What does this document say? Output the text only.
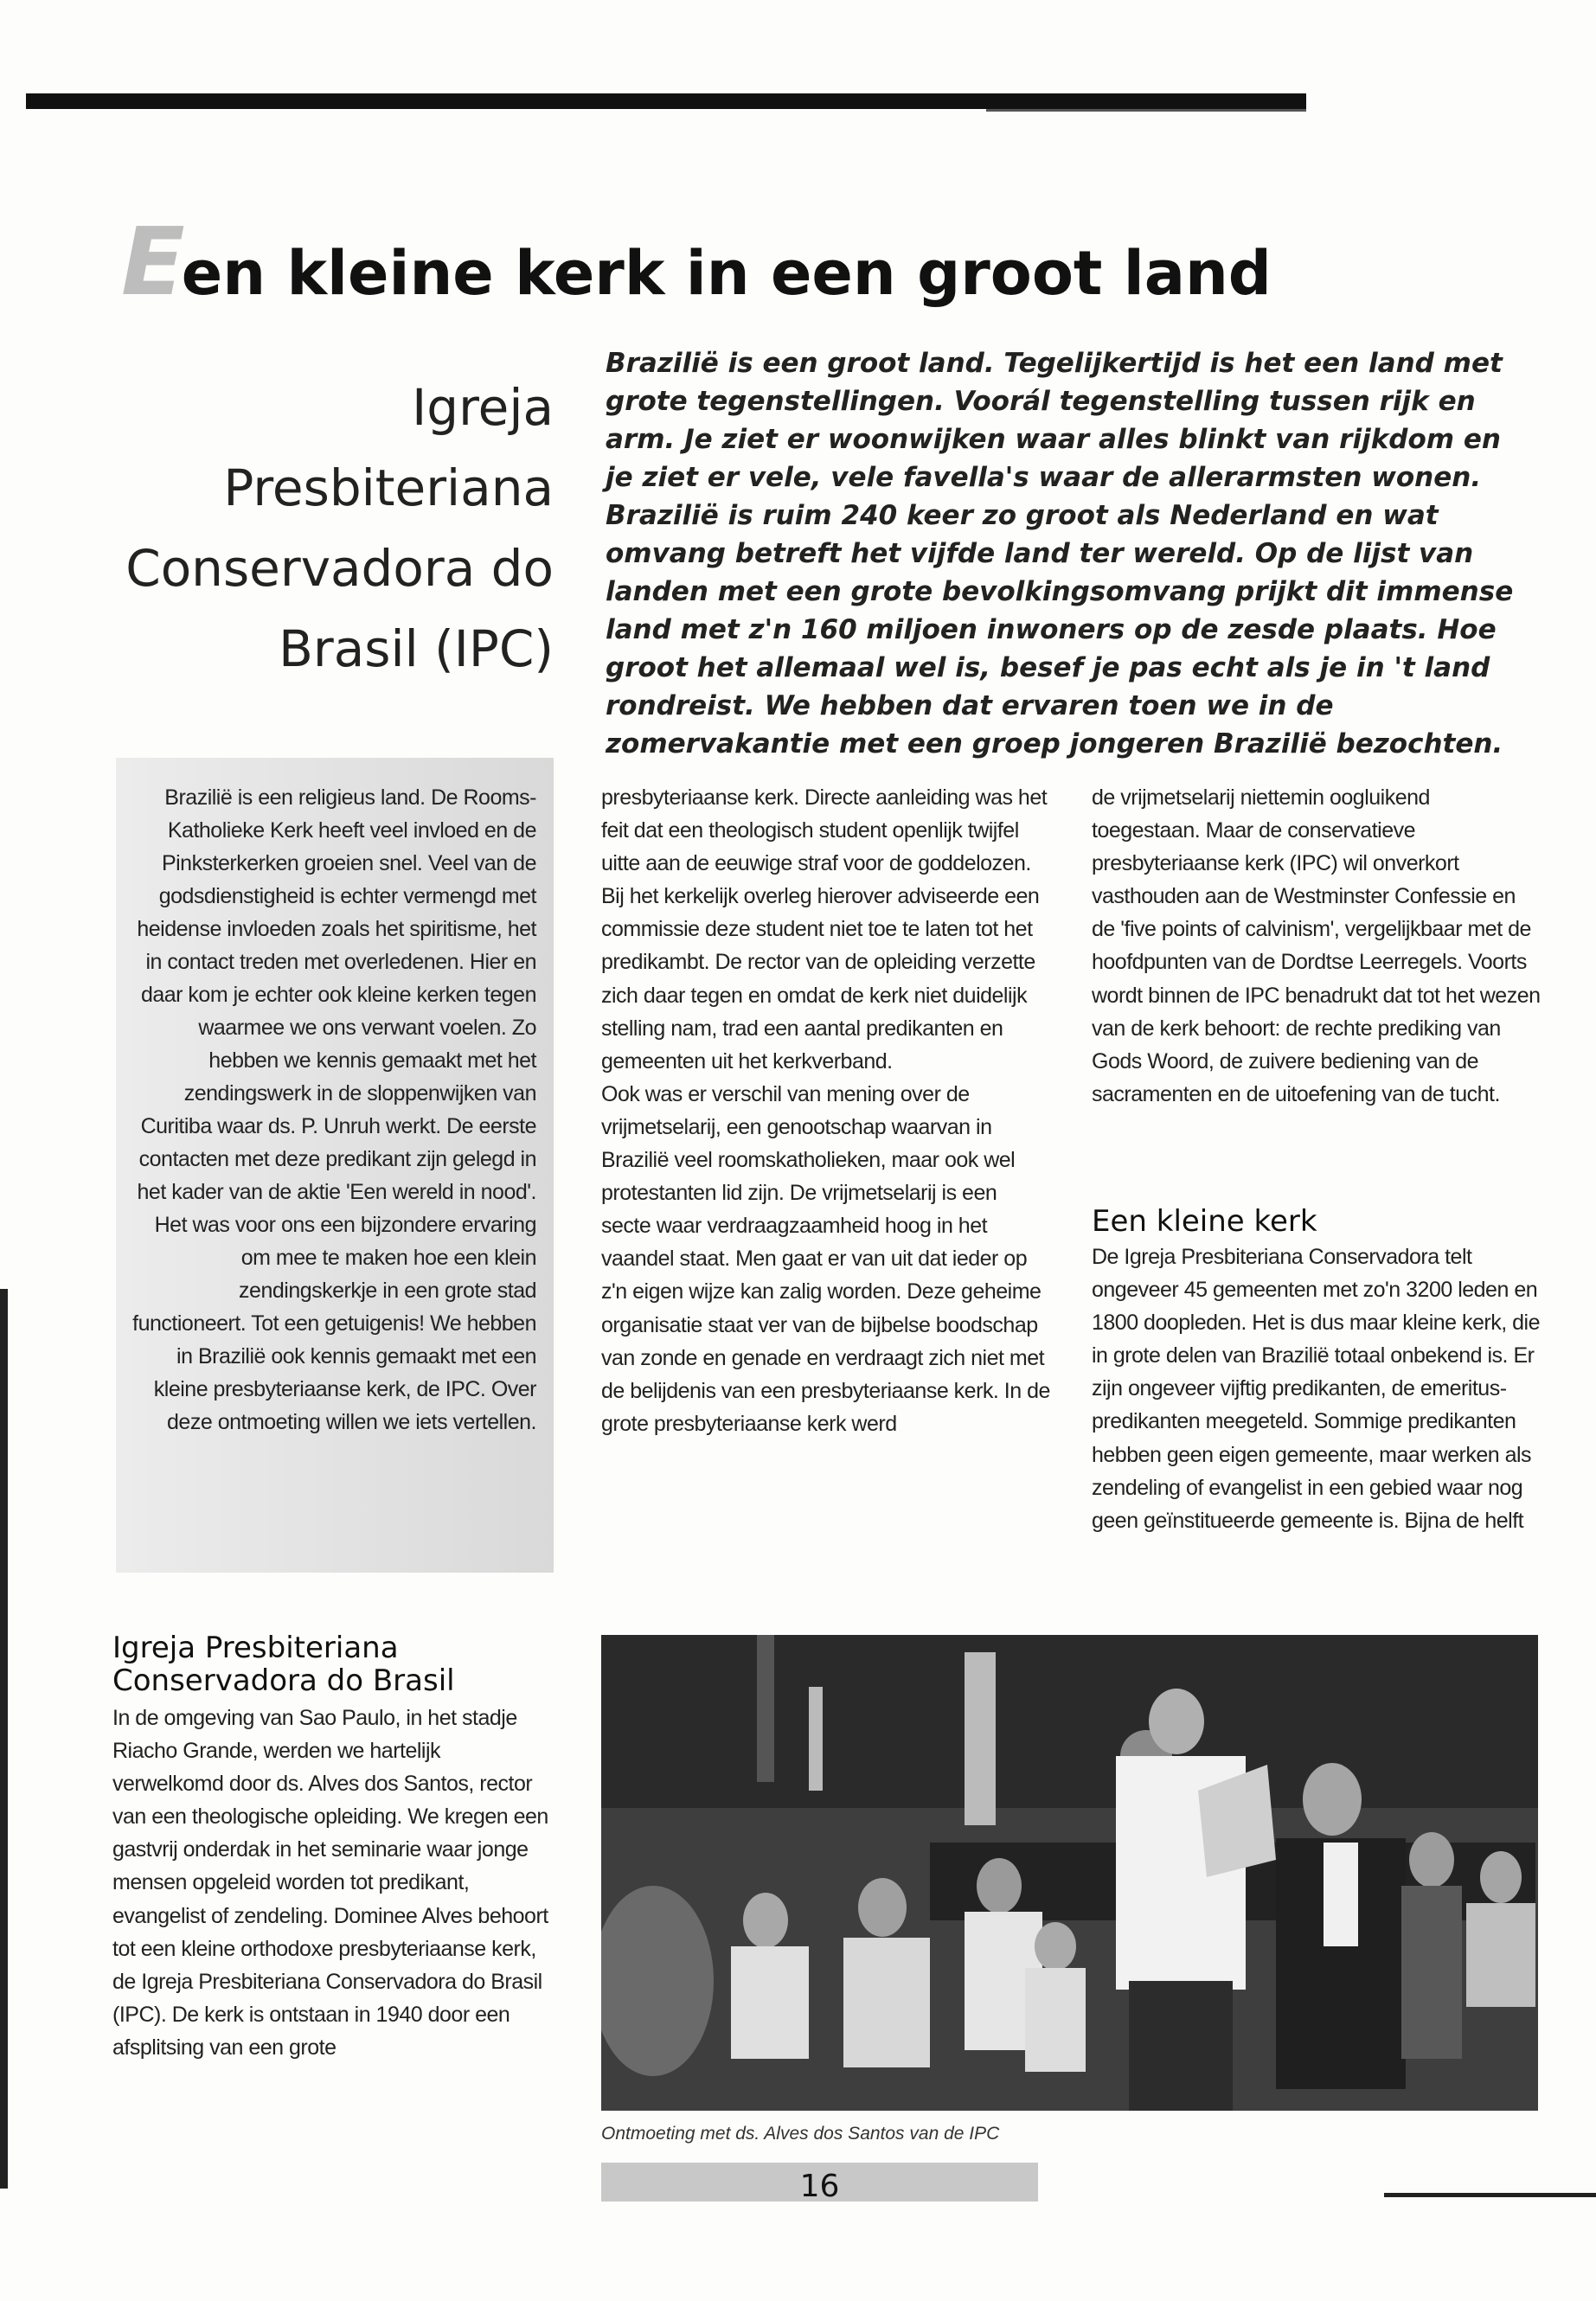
Een kleine kerk in een groot land
Igreja Presbiteriana Conservadora do Brasil (IPC)
Brazilië is een groot land. Tegelijkertijd is het een land met grote tegenstellingen. Voorál tegenstelling tussen rijk en arm. Je ziet er woonwijken waar alles blinkt van rijkdom en je ziet er vele, vele favella's waar de allerarmsten wonen. Brazilië is ruim 240 keer zo groot als Nederland en wat omvang betreft het vijfde land ter wereld. Op de lijst van landen met een grote bevolkingsomvang prijkt dit immense land met z'n 160 miljoen inwoners op de zesde plaats. Hoe groot het allemaal wel is, besef je pas echt als je in 't land rondreist. We hebben dat ervaren toen we in de zomervakantie met een groep jongeren Brazilië bezochten.
Brazilië is een religieus land. De Rooms-Katholieke Kerk heeft veel invloed en de Pinksterkerken groeien snel. Veel van de godsdienstigheid is echter vermengd met heidense invloeden zoals het spiritisme, het in contact treden met overledenen. Hier en daar kom je echter ook kleine kerken tegen waarmee we ons verwant voelen. Zo hebben we kennis gemaakt met het zendingswerk in de sloppenwijken van Curitiba waar ds. P. Unruh werkt. De eerste contacten met deze predikant zijn gelegd in het kader van de aktie 'Een wereld in nood'. Het was voor ons een bijzondere ervaring om mee te maken hoe een klein zendingskerkje in een grote stad functioneert. Tot een getuigenis! We hebben in Brazilië ook kennis gemaakt met een kleine presbyteriaanse kerk, de IPC. Over deze ontmoeting willen we iets vertellen.
Igreja Presbiteriana Conservadora do Brasil
In de omgeving van Sao Paulo, in het stadje Riacho Grande, werden we hartelijk verwelkomd door ds. Alves dos Santos, rector van een theologische opleiding. We kregen een gastvrij onderdak in het seminarie waar jonge mensen opgeleid worden tot predikant, evangelist of zendeling. Dominee Alves behoort tot een kleine orthodoxe presbyteriaanse kerk, de Igreja Presbiteriana Conservadora do Brasil (IPC). De kerk is ontstaan in 1940 door een afsplitsing van een grote
presbyteriaanse kerk. Directe aanleiding was het feit dat een theologisch student openlijk twijfel uitte aan de eeuwige straf voor de goddelozen. Bij het kerkelijk overleg hierover adviseerde een commissie deze student niet toe te laten tot het predikambt. De rector van de opleiding verzette zich daar tegen en omdat de kerk niet duidelijk stelling nam, trad een aantal predikanten en gemeenten uit het kerkverband.
Ook was er verschil van mening over de vrijmetselarij, een genootschap waarvan in Brazilië veel roomskatholieken, maar ook wel protestanten lid zijn. De vrijmetselarij is een secte waar verdraagzaamheid hoog in het vaandel staat. Men gaat er van uit dat ieder op z'n eigen wijze kan zalig worden. Deze geheime organisatie staat ver van de bijbelse boodschap van zonde en genade en verdraagt zich niet met de belijdenis van een presbyteriaanse kerk. In de grote presbyteriaanse kerk werd
de vrijmetselarij niettemin oogluikend toegestaan. Maar de conservatieve presbyteriaanse kerk (IPC) wil onverkort vasthouden aan de Westminster Confessie en de 'five points of calvinism', vergelijkbaar met de hoofdpunten van de Dordtse Leerregels. Voorts wordt binnen de IPC benadrukt dat tot het wezen van de kerk behoort: de rechte prediking van Gods Woord, de zuivere bediening van de sacramenten en de uitoefening van de tucht.
Een kleine kerk
De Igreja Presbiteriana Conservadora telt ongeveer 45 gemeenten met zo'n 3200 leden en 1800 doopleden. Het is dus maar kleine kerk, die in grote delen van Brazilië totaal onbekend is. Er zijn ongeveer vijftig predikanten, de emeritus-predikanten meegeteld. Sommige predikanten hebben geen eigen gemeente, maar werken als zendeling of evangelist in een gebied waar nog geen geïnstitueerde gemeente is. Bijna de helft
Ontmoeting met ds. Alves dos Santos van de IPC
16
